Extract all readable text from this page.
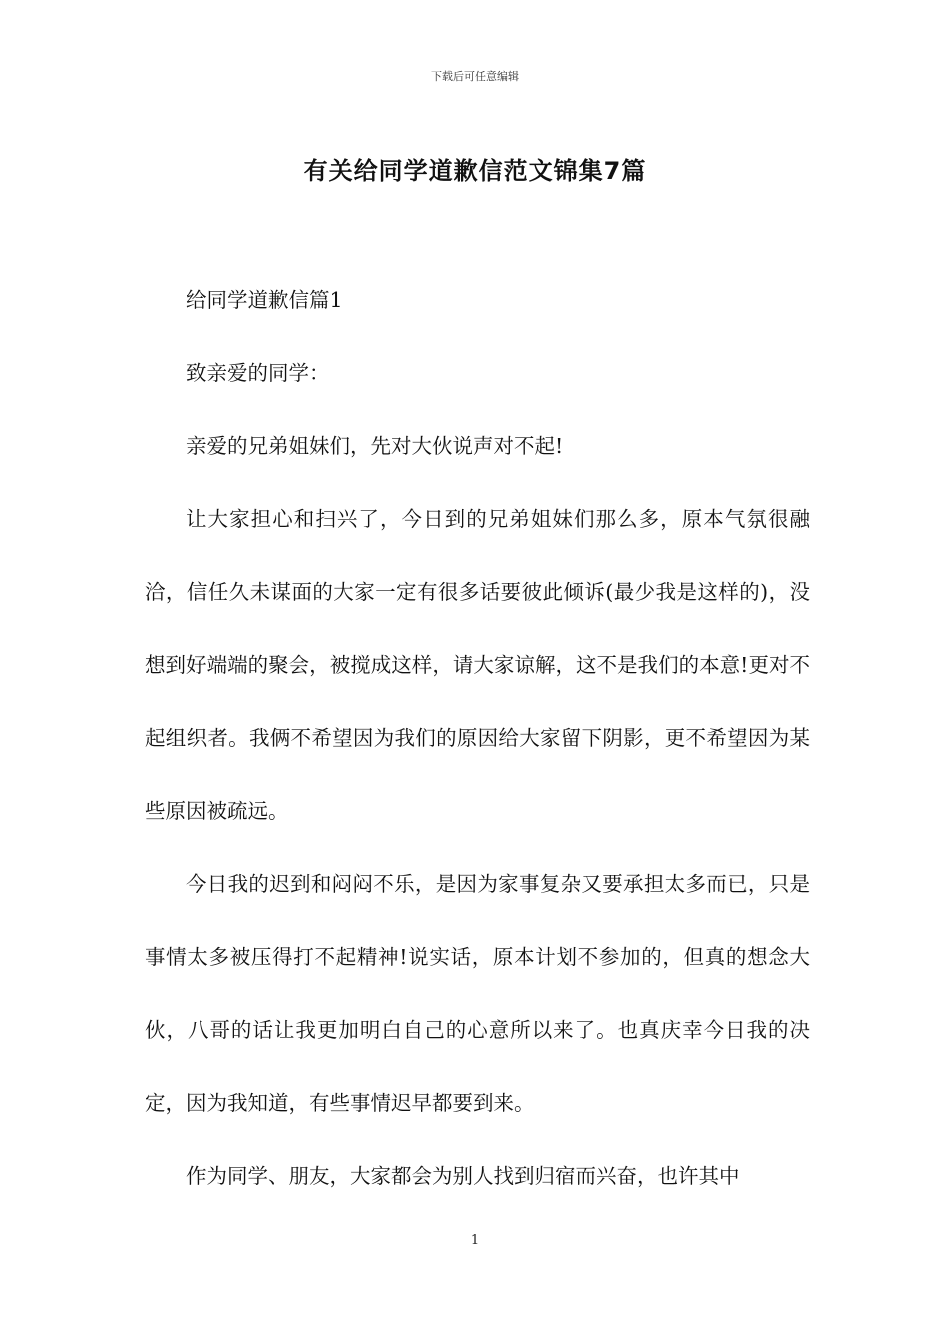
下载后可任意编辑
有关给同学道歉信范文锦集7篇

给同学道歉信篇1

致亲爱的同学：

亲爱的兄弟姐妹们，先对大伙说声对不起!

让大家担心和扫兴了，今日到的兄弟姐妹们那么多，原本气氛很融洽，信任久未谋面的大家一定有很多话要彼此倾诉(最少我是这样的)，没想到好端端的聚会，被搅成这样，请大家谅解，这不是我们的本意!更对不起组织者。我俩不希望因为我们的原因给大家留下阴影，更不希望因为某些原因被疏远。

今日我的迟到和闷闷不乐，是因为家事复杂又要承担太多而已，只是事情太多被压得打不起精神!说实话，原本计划不参加的，但真的想念大伙，八哥的话让我更加明白自己的心意所以来了。也真庆幸今日我的决定，因为我知道，有些事情迟早都要到来。

作为同学、朋友，大家都会为别人找到归宿而兴奋，也许其中

1
